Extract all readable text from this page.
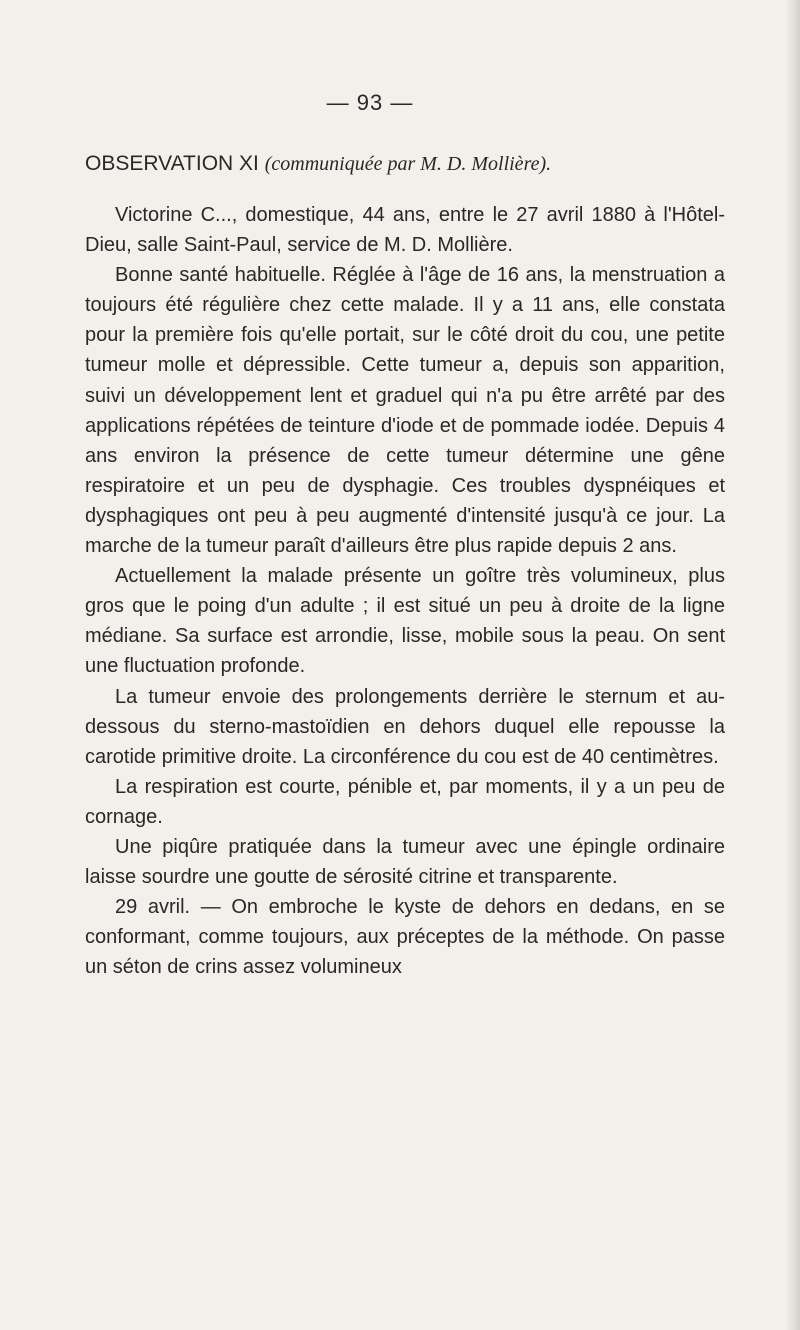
— 93 —
OBSERVATION XI (communiquée par M. D. Mollière).

Victorine C..., domestique, 44 ans, entre le 27 avril 1880 à l'Hôtel-Dieu, salle Saint-Paul, service de M. D. Mollière.

Bonne santé habituelle. Réglée à l'âge de 16 ans, la menstruation a toujours été régulière chez cette malade. Il y a 11 ans, elle constata pour la première fois qu'elle portait, sur le côté droit du cou, une petite tumeur molle et dépressible. Cette tumeur a, depuis son apparition, suivi un développement lent et graduel qui n'a pu être arrêté par des applications répétées de teinture d'iode et de pommade iodée. Depuis 4 ans environ la présence de cette tumeur détermine une gêne respiratoire et un peu de dysphagie. Ces troubles dyspnéiques et dysphagiques ont peu à peu augmenté d'intensité jusqu'à ce jour. La marche de la tumeur paraît d'ailleurs être plus rapide depuis 2 ans.

Actuellement la malade présente un goître très volumineux, plus gros que le poing d'un adulte ; il est situé un peu à droite de la ligne médiane. Sa surface est arrondie, lisse, mobile sous la peau. On sent une fluctuation profonde.

La tumeur envoie des prolongements derrière le sternum et au-dessous du sterno-mastoïdien en dehors duquel elle repousse la carotide primitive droite. La circonférence du cou est de 40 centimètres.

La respiration est courte, pénible et, par moments, il y a un peu de cornage.

Une piqûre pratiquée dans la tumeur avec une épingle ordinaire laisse sourdre une goutte de sérosité citrine et transparente.

29 avril. — On embroche le kyste de dehors en dedans, en se conformant, comme toujours, aux préceptes de la méthode. On passe un séton de crins assez volumineux
